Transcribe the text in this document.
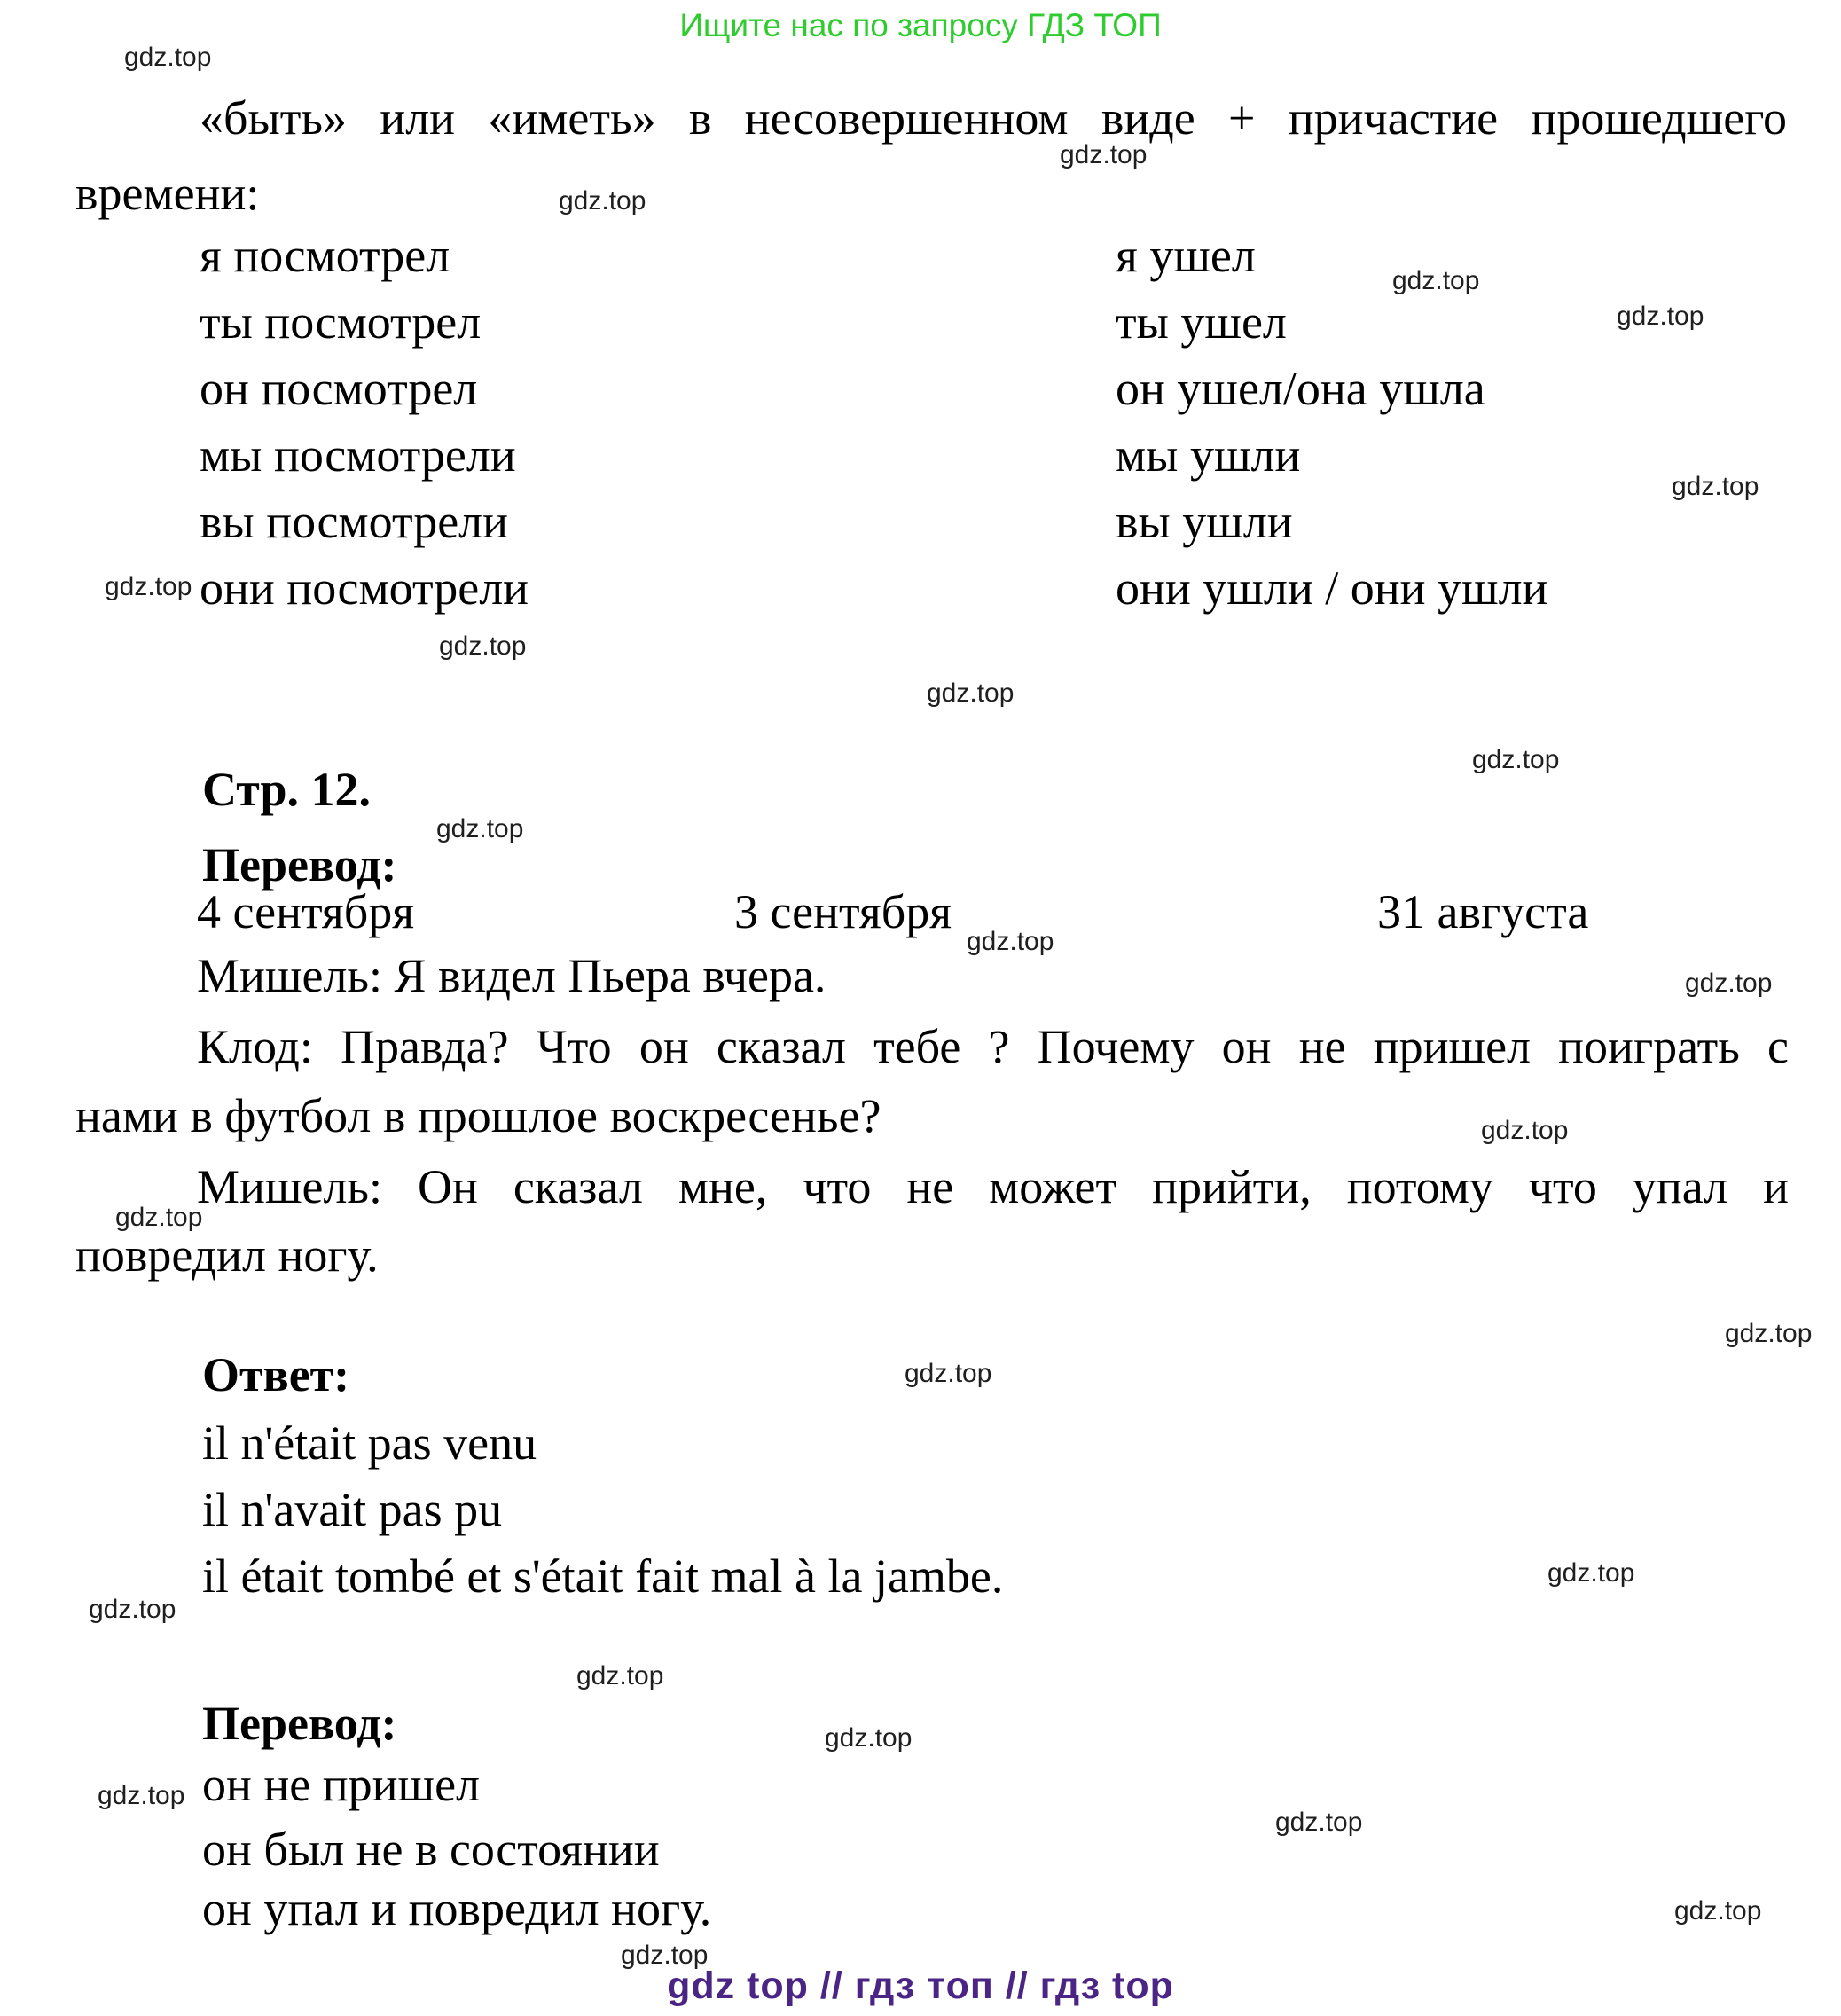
Ищите нас по запросу ГДЗ ТОП
gdz.top
gdz.top
gdz.top
gdz.top
gdz.top
gdz.top
gdz.top
gdz.top
gdz.top
gdz.top
gdz.top
gdz.top
gdz.top
gdz.top
gdz.top
gdz.top
gdz.top
gdz.top
gdz.top
gdz.top
gdz.top
gdz.top
gdz.top
gdz.top
gdz.top
«быть» или «иметь» в несовершенном виде + причастие прошедшего
времени:
я посмотрел
ты посмотрел
он посмотрел
мы посмотрели
вы посмотрели
они посмотрели
я ушел
ты ушел
он ушел/она ушла
мы ушли
вы ушли
они ушли / они ушли
Стр. 12.
Перевод:
4 сентября	3 сентября	31 августа
Мишель: Я видел Пьера вчера.
Клод: Правда? Что он сказал тебе ? Почему он не пришел поиграть с
нами в футбол в прошлое воскресенье?
Мишель: Он сказал мне, что не может прийти, потому что упал и
повредил ногу.
Ответ:
il n'était pas venu
il n'avait pas pu
il était tombé et s'était fait mal à la jambe.
Перевод:
он не пришел
он был не в состоянии
он упал и повредил ногу.
gdz top // гдз топ // гдз top
